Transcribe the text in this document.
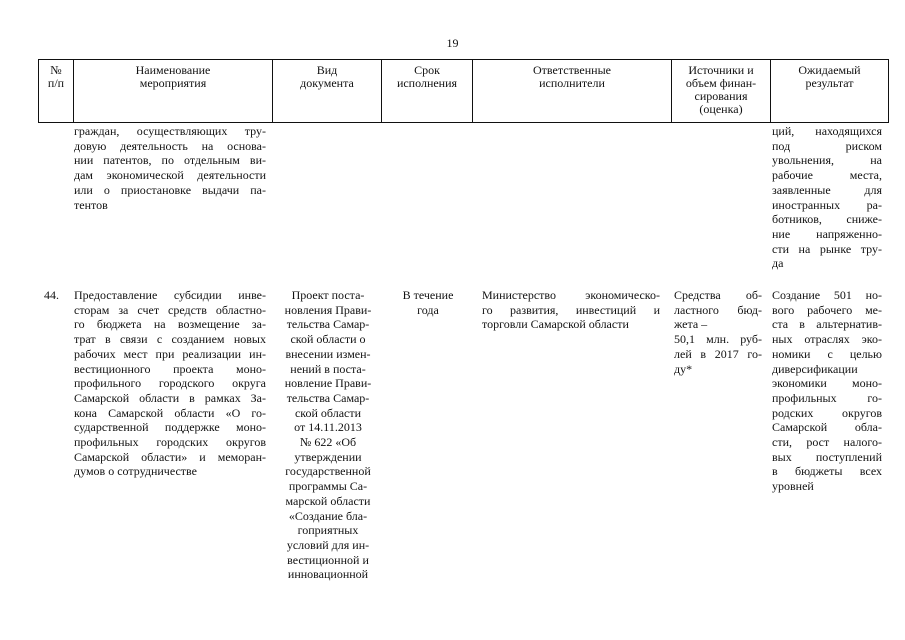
19
№
п/п
Наименование
мероприятия
Вид
документа
Срок
исполнения
Ответственные
исполнители
Источники и
объем финан-
сирования
(оценка)
Ожидаемый
результат
граждан, осуществляющих тру-
довую деятельность на основа-
нии патентов, по отдельным ви-
дам экономической деятельности
или о приостановке выдачи па-
тентов
ций, находящихся
под риском
увольнения, на
рабочие места,
заявленные для
иностранных ра-
ботников, сниже-
ние напряженно-
сти на рынке тру-
да
44.	Предоставление субсидии инве-
сторам за счет средств областно-
го бюджета на возмещение за-
трат в связи с созданием новых
рабочих мест при реализации ин-
вестиционного проекта моно-
профильного городского округа
Самарской области в рамках За-
кона Самарской области «О го-
сударственной поддержке моно-
профильных городских округов
Самарской области» и меморан-
думов о сотрудничестве
Проект поста-
новления Прави-
тельства Самар-
ской области о
внесении измен-
нений в поста-
новление Прави-
тельства Самар-
ской области
от 14.11.2013
№ 622 «Об
утверждении
государственной
программы Са-
марской области
«Создание бла-
гоприятных
условий для ин-
вестиционной и
инновационной
В течение
года
Министерство экономическо-
го развития, инвестиций и
торговли Самарской области
Средства об-
ластного бюд-
жета –
50,1 млн. руб-
лей в 2017 го-
ду*
Создание 501 но-
вого рабочего ме-
ста в альтернатив-
ных отраслях эко-
номики с целью
диверсификации
экономики моно-
профильных го-
родских округов
Самарской обла-
сти, рост налого-
вых поступлений
в бюджеты всех
уровней
